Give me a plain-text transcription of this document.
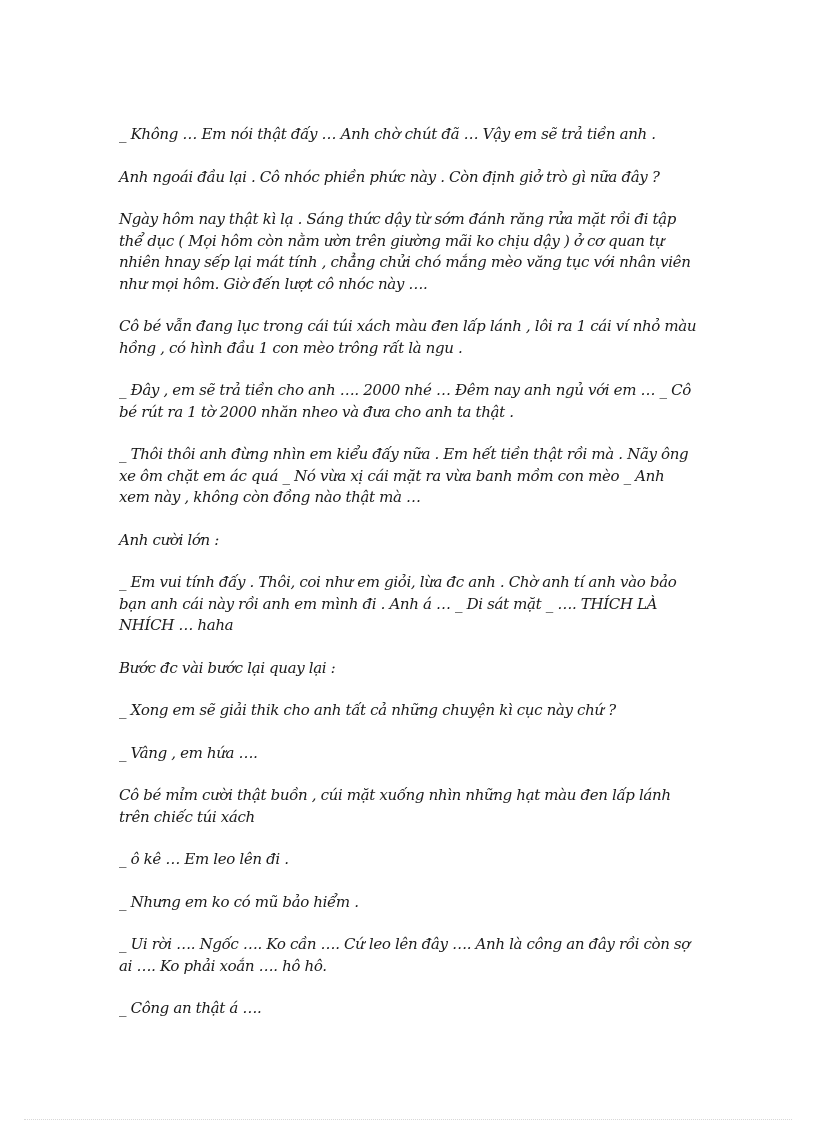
_ Không … Em nói thật đấy … Anh chờ chút đã … Vậy em sẽ trả tiền anh .

Anh ngoái đầu lại . Cô nhóc phiền phức này . Còn định giở trò gì nữa đây ?

Ngày hôm nay thật kì lạ . Sáng thức dậy từ sớm đánh răng rửa mặt rồi đi tập thể dục ( Mọi hôm còn nằm ườn trên giường mãi ko chịu dậy ) ở cơ quan tự nhiên hnay sếp lại mát tính , chẳng chửi chó mắng mèo văng tục với nhân viên như mọi hôm. Giờ đến lượt cô nhóc này ….

Cô bé vẫn đang lục trong cái túi xách màu đen lấp lánh , lôi ra 1 cái ví nhỏ màu hồng , có hình đầu 1 con mèo trông rất là ngu .

_ Đây , em sẽ trả tiền cho anh …. 2000 nhé … Đêm nay anh ngủ với em … _ Cô bé rút ra 1 tờ 2000 nhăn nheo và đưa cho anh ta thật .

_ Thôi thôi anh đừng nhìn em kiểu đấy nữa . Em hết tiền thật rồi mà . Nãy ông xe ôm chặt em ác quá _ Nó vừa xị cái mặt ra vừa banh mồm con mèo _ Anh xem này , không còn đồng nào thật mà …

Anh cười lớn :

_ Em vui tính đấy . Thôi, coi như em giỏi, lừa đc anh . Chờ anh tí anh vào bảo bạn anh cái này rồi anh em mình đi . Anh á … _ Di sát mặt _ …. THÍCH LÀ NHÍCH … haha

Bước đc vài bước lại quay lại :

_ Xong em sẽ giải thik cho anh tất cả những chuyện kì cục này chứ ?

_ Vâng , em hứa ….

Cô bé mỉm cười thật buồn , cúi mặt xuống nhìn những hạt màu đen lấp lánh trên chiếc túi xách

_ ô kê … Em leo lên đi .

_ Nhưng em ko có mũ bảo hiểm .

_ Ui rời …. Ngốc …. Ko cần …. Cứ leo lên đây …. Anh là công an đây rồi còn sợ ai …. Ko phải xoắn …. hô hô.

_ Công an thật á ….
